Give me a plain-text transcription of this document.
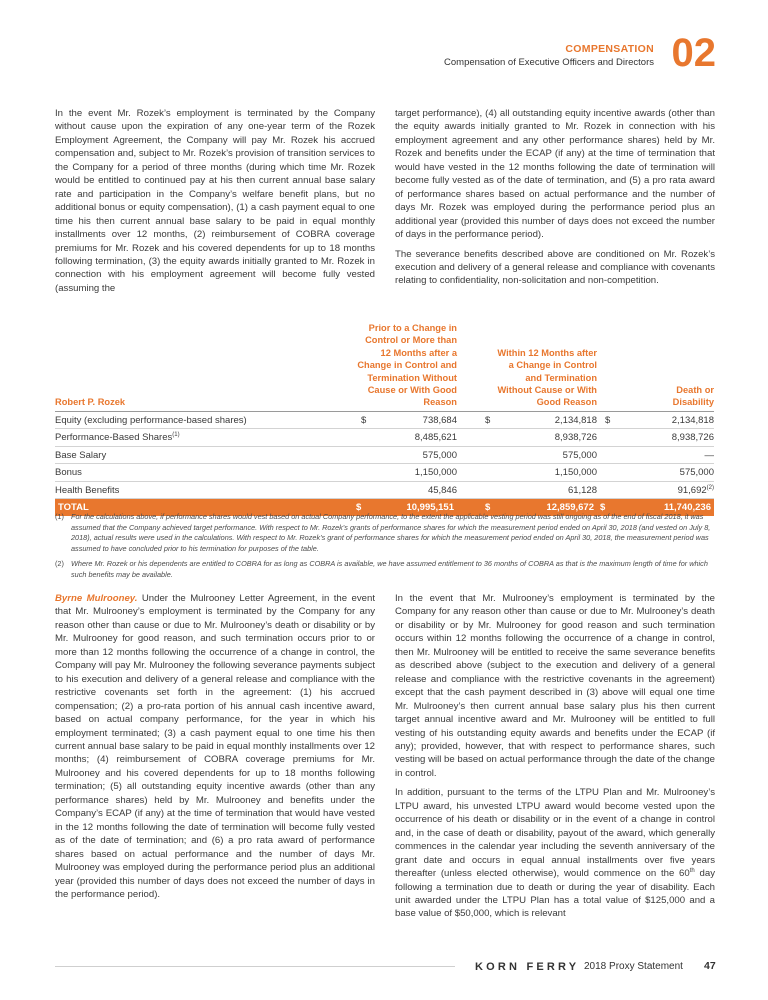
COMPENSATION
Compensation of Executive Officers and Directors 02

In the event Mr. Rozek’s employment is terminated by the Company without cause upon the expiration of any one-year term of the Rozek Employment Agreement, the Company will pay Mr. Rozek his accrued compensation and, subject to Mr. Rozek’s provision of transition services to the Company for a period of three months (during which time Mr. Rozek would be entitled to continued pay at his then current annual base salary rate and participation in the Company’s welfare benefit plans, but no additional bonus or equity compensation), (1) a cash payment equal to one time his then current annual base salary to be paid in equal monthly installments over 12 months, (2) reimbursement of COBRA coverage premiums for Mr. Rozek and his covered dependents for up to 18 months following termination, (3) the equity awards initially granted to Mr. Rozek in connection with his employment agreement will become fully vested (assuming the

target performance), (4) all outstanding equity incentive awards (other than the equity awards initially granted to Mr. Rozek in connection with his employment agreement and any other performance shares) held by Mr. Rozek and benefits under the ECAP (if any) at the time of termination that would have vested in the 12 months following the date of termination will become fully vested as of the date of termination, and (5) a pro rata award of performance shares based on actual performance and the number of days Mr. Rozek was employed during the performance period plus an additional year (provided this number of days does not exceed the number of days in the performance period).

The severance benefits described above are conditioned on Mr. Rozek’s execution and delivery of a general release and compliance with covenants relating to confidentiality, non-solicitation and non-competition.

Robert P. Rozek	Prior to a Change in Control or More than 12 Months after a Change in Control and Termination Without Cause or With Good Reason		Within 12 Months after a Change in Control and Termination Without Cause or With Good Reason		Death or Disability	
Equity (excluding performance-based shares)	$	738,684	$	2,134,818	$	2,134,818
Performance-Based Shares$^{(1)}$		8,485,621		8,938,726		8,938,726
Base Salary		575,000		575,000		—
Bonus		1,150,000		1,150,000		575,000
Health Benefits		45,846		61,128		91,692$^{(2)}$
TOTAL	$	10,995,151	$	12,859,672	$	11,740,236
(1) For the calculations above, if performance shares would vest based on actual Company performance, to the extent the applicable vesting period was still ongoing as of the end of fiscal 2018, it was assumed that the Company achieved target performance. With respect to Mr. Rozek’s grants of performance shares for which the measurement period ended on April 30, 2018 (and vested on July 8, 2018), actual results were used in the calculations. With respect to Mr. Rozek’s grant of performance shares for which the measurement period ended on April 30, 2018, the measurement period was assumed to have concluded prior to his termination for purposes of the table.
(2) Where Mr. Rozek or his dependents are entitled to COBRA for as long as COBRA is available, we have assumed entitlement to 36 months of COBRA as that is the maximum length of time for which such benefits may be available.

Byrne Mulrooney. Under the Mulrooney Letter Agreement, in the event that Mr. Mulrooney’s employment is terminated by the Company for any reason other than cause or due to Mr. Mulrooney’s death or disability or by Mr. Mulrooney for good reason, and such termination occurs prior to or more than 12 months following the occurrence of a change in control, the Company will pay Mr. Mulrooney the following severance payments subject to his execution and delivery of a general release and compliance with the restrictive covenants set forth in the agreement: (1) his accrued compensation; (2) a pro-rata portion of his annual cash incentive award, based on actual company performance, for the year in which his employment terminated; (3) a cash payment equal to one time his then current annual base salary to be paid in equal monthly installments over 12 months; (4) reimbursement of COBRA coverage premiums for Mr. Mulrooney and his covered dependents for up to 18 months following termination; (5) all outstanding equity incentive awards (other than any performance shares) held by Mr. Mulrooney and benefits under the Company’s ECAP (if any) at the time of termination that would have vested in the 12 months following the date of termination will become fully vested as of the date of termination; and (6) a pro rata award of performance shares based on actual performance and the number of days Mr. Mulrooney was employed during the performance period plus an additional year (provided this number of days does not exceed the number of days in the performance period).

In the event that Mr. Mulrooney’s employment is terminated by the Company for any reason other than cause or due to Mr. Mulrooney’s death or disability or by Mr. Mulrooney for good reason and such termination occurs within 12 months following the occurrence of a change in control, then Mr. Mulrooney will be entitled to receive the same severance benefits as described above (subject to the execution and delivery of a general release and compliance with the restrictive covenants in the agreement) except that the cash payment described in (3) above will equal one time Mr. Mulrooney’s then current annual base salary plus his then current target annual incentive award and Mr. Mulrooney will be entitled to full vesting of his outstanding equity awards and benefits under the ECAP (if any); provided, however, that with respect to performance shares, such vesting will be based on actual performance through the date of the change in control.

In addition, pursuant to the terms of the LTPU Plan and Mr. Mulrooney’s LTPU award, his unvested LTPU award would become vested upon the occurrence of his death or disability or in the event of a change in control and, in the case of death or disability, payout of the award, which generally commences in the calendar year including the seventh anniversary of the grant date and occurs in equal annual installments over five years thereafter (unless elected otherwise), would commence on the 60th day following a termination due to death or during the year of disability. Each unit awarded under the LTPU Plan has a total value of $125,000 and a base value of $50,000, which is relevant

KORN FERRY 2018 Proxy Statement 47
